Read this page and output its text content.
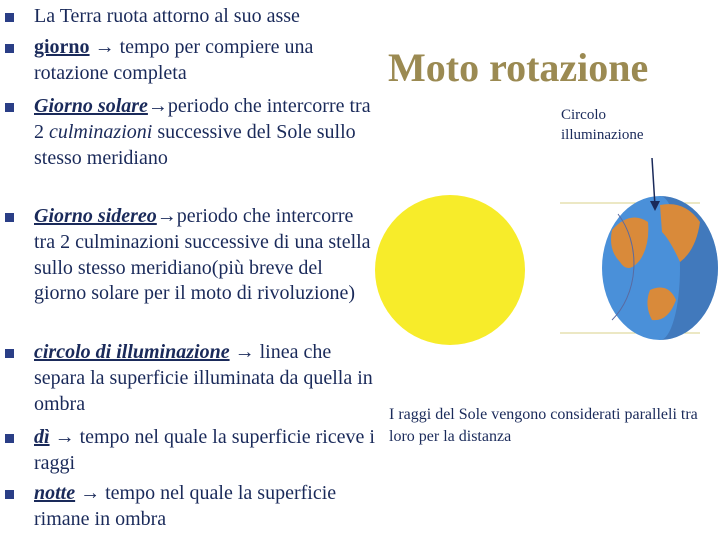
La Terra ruota attorno al suo asse
giorno → tempo per compiere una rotazione completa
Giorno solare→periodo che intercorre tra 2 culminazioni successive del Sole sullo stesso meridiano
Giorno sidereo→periodo che intercorre tra 2 culminazioni successive di una stella sullo stesso meridiano(più breve del giorno solare per il moto di rivoluzione)
circolo di illuminazione → linea che separa la superficie illuminata da quella in ombra
dì → tempo nel quale la superficie riceve i raggi
notte → tempo nel quale la superficie rimane in ombra
Moto rotazione
Circolo
illuminazione
I raggi del Sole vengono considerati paralleli tra loro per la distanza
